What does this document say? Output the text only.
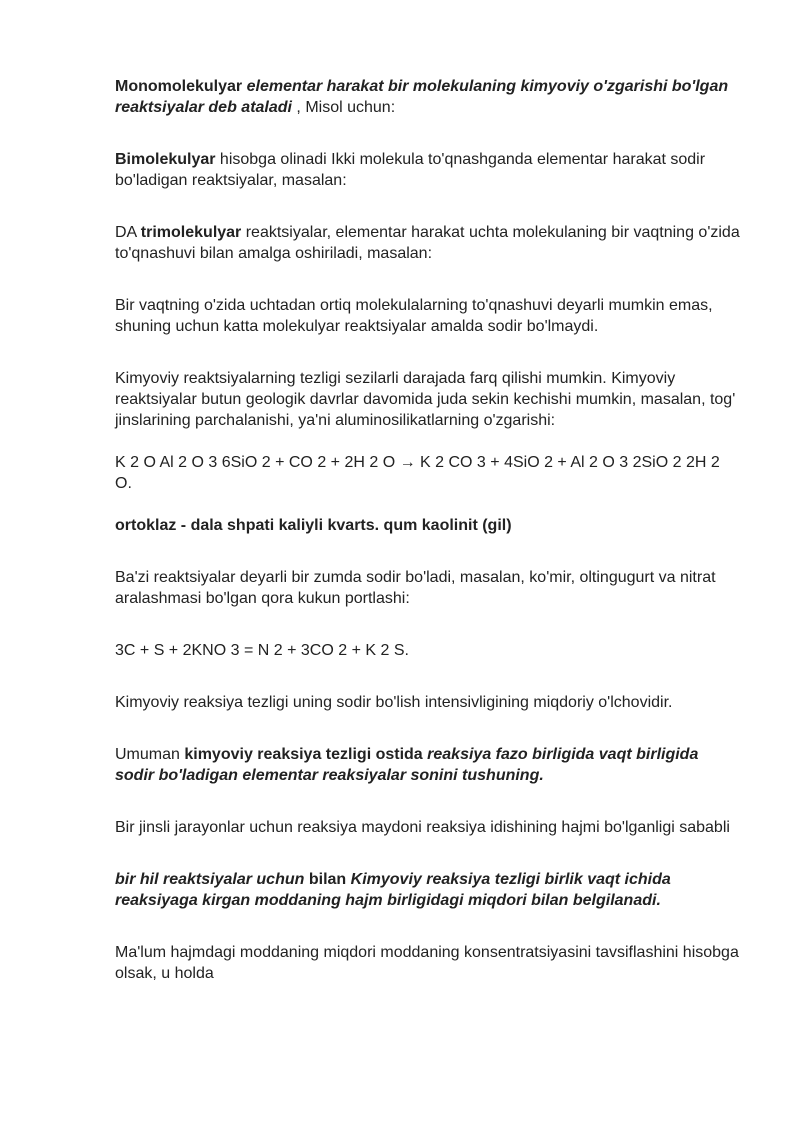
Monomolekulyar elementar harakat bir molekulaning kimyoviy o'zgarishi bo'lgan reaktsiyalar deb ataladi , Misol uchun:

Bimolekulyar hisobga olinadi Ikki molekula to'qnashganda elementar harakat sodir bo'ladigan reaktsiyalar, masalan:

DA trimolekulyar reaktsiyalar, elementar harakat uchta molekulaning bir vaqtning o'zida to'qnashuvi bilan amalga oshiriladi, masalan:

Bir vaqtning o'zida uchtadan ortiq molekulalarning to'qnashuvi deyarli mumkin emas, shuning uchun katta molekulyar reaktsiyalar amalda sodir bo'lmaydi.

Kimyoviy reaktsiyalarning tezligi sezilarli darajada farq qilishi mumkin. Kimyoviy reaktsiyalar butun geologik davrlar davomida juda sekin kechishi mumkin, masalan, tog' jinslarining parchalanishi, ya'ni aluminosilikatlarning o'zgarishi:

K 2 O Al 2 O 3 6SiO 2 + CO 2 + 2H 2 O → K 2 CO 3 + 4SiO 2 + Al 2 O 3 2SiO 2 2H 2 O.

ortoklaz - dala shpati kaliyli kvarts. qum kaolinit (gil)

Ba'zi reaktsiyalar deyarli bir zumda sodir bo'ladi, masalan, ko'mir, oltingugurt va nitrat aralashmasi bo'lgan qora kukun portlashi:

3C + S + 2KNO 3 = N 2 + 3CO 2 + K 2 S.

Kimyoviy reaksiya tezligi uning sodir bo'lish intensivligining miqdoriy o'lchovidir.

Umuman kimyoviy reaksiya tezligi ostida reaksiya fazo birligida vaqt birligida sodir bo'ladigan elementar reaksiyalar sonini tushuning.

Bir jinsli jarayonlar uchun reaksiya maydoni reaksiya idishining hajmi bo'lganligi sababli

bir hil reaktsiyalar uchun bilan Kimyoviy reaksiya tezligi birlik vaqt ichida reaksiyaga kirgan moddaning hajm birligidagi miqdori bilan belgilanadi.

Ma'lum hajmdagi moddaning miqdori moddaning konsentratsiyasini tavsiflashini hisobga olsak, u holda
